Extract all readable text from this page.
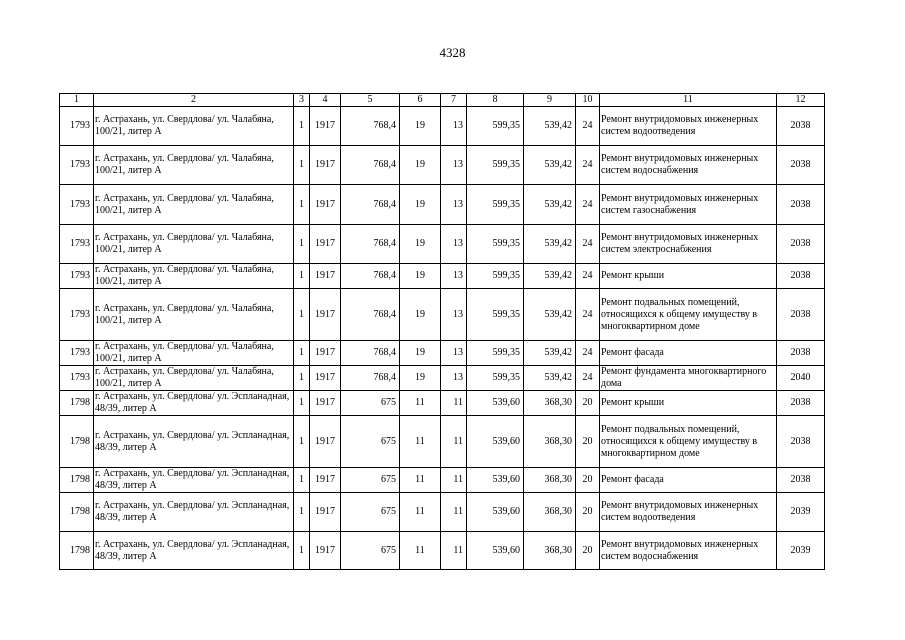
4328
1	2	3	4	5	6	7	8	9	10	11	12
1793	г. Астрахань, ул. Свердлова/ ул. Чалабяна, 100/21, литер А	1	1917	768,4	19	13	599,35	539,42	24	Ремонт внутридомовых инженерных систем водоотведения	2038
1793	г. Астрахань, ул. Свердлова/ ул. Чалабяна, 100/21, литер А	1	1917	768,4	19	13	599,35	539,42	24	Ремонт внутридомовых инженерных систем водоснабжения	2038
1793	г. Астрахань, ул. Свердлова/ ул. Чалабяна, 100/21, литер А	1	1917	768,4	19	13	599,35	539,42	24	Ремонт внутридомовых инженерных систем газоснабжения	2038
1793	г. Астрахань, ул. Свердлова/ ул. Чалабяна, 100/21, литер А	1	1917	768,4	19	13	599,35	539,42	24	Ремонт внутридомовых инженерных систем электроснабжения	2038
1793	г. Астрахань, ул. Свердлова/ ул. Чалабяна, 100/21, литер А	1	1917	768,4	19	13	599,35	539,42	24	Ремонт крыши	2038
1793	г. Астрахань, ул. Свердлова/ ул. Чалабяна, 100/21, литер А	1	1917	768,4	19	13	599,35	539,42	24	Ремонт подвальных помещений, относящихся к общему имуществу в многоквартирном доме	2038
1793	г. Астрахань, ул. Свердлова/ ул. Чалабяна, 100/21, литер А	1	1917	768,4	19	13	599,35	539,42	24	Ремонт фасада	2038
1793	г. Астрахань, ул. Свердлова/ ул. Чалабяна, 100/21, литер А	1	1917	768,4	19	13	599,35	539,42	24	Ремонт фундамента многоквартирного дома	2040
1798	г. Астрахань, ул. Свердлова/ ул. Эспланадная, 48/39, литер А	1	1917	675	11	11	539,60	368,30	20	Ремонт крыши	2038
1798	г. Астрахань, ул. Свердлова/ ул. Эспланадная, 48/39, литер А	1	1917	675	11	11	539,60	368,30	20	Ремонт подвальных помещений, относящихся к общему имуществу в многоквартирном доме	2038
1798	г. Астрахань, ул. Свердлова/ ул. Эспланадная, 48/39, литер А	1	1917	675	11	11	539,60	368,30	20	Ремонт фасада	2038
1798	г. Астрахань, ул. Свердлова/ ул. Эспланадная, 48/39, литер А	1	1917	675	11	11	539,60	368,30	20	Ремонт внутридомовых инженерных систем водоотведения	2039
1798	г. Астрахань, ул. Свердлова/ ул. Эспланадная, 48/39, литер А	1	1917	675	11	11	539,60	368,30	20	Ремонт внутридомовых инженерных систем водоснабжения	2039
